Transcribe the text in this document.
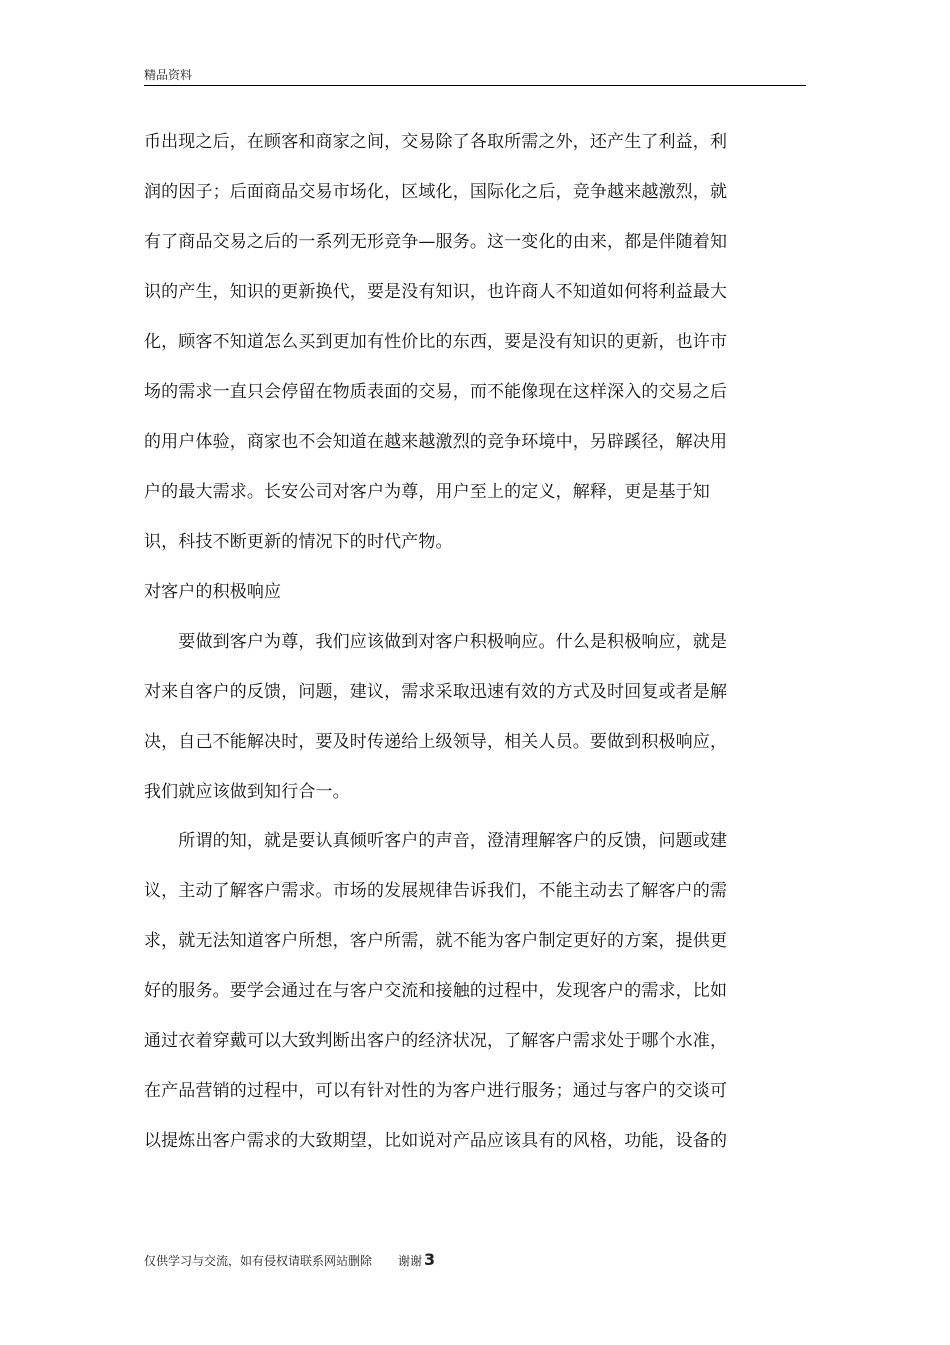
精品资料
币出现之后，在顾客和商家之间，交易除了各取所需之外，还产生了利益，利
润的因子；后面商品交易市场化，区域化，国际化之后，竞争越来越激烈，就
有了商品交易之后的一系列无形竞争—服务。这一变化的由来，都是伴随着知
识的产生，知识的更新换代，要是没有知识，也许商人不知道如何将利益最大
化，顾客不知道怎么买到更加有性价比的东西，要是没有知识的更新，也许市
场的需求一直只会停留在物质表面的交易，而不能像现在这样深入的交易之后
的用户体验，商家也不会知道在越来越激烈的竞争环境中，另辟蹊径，解决用
户的最大需求。长安公司对客户为尊，用户至上的定义，解释，更是基于知
识，科技不断更新的情况下的时代产物。
对客户的积极响应
　　要做到客户为尊，我们应该做到对客户积极响应。什么是积极响应，就是
对来自客户的反馈，问题，建议，需求采取迅速有效的方式及时回复或者是解
决，自己不能解决时，要及时传递给上级领导，相关人员。要做到积极响应，
我们就应该做到知行合一。
　　所谓的知，就是要认真倾听客户的声音，澄清理解客户的反馈，问题或建
议，主动了解客户需求。市场的发展规律告诉我们，不能主动去了解客户的需
求，就无法知道客户所想，客户所需，就不能为客户制定更好的方案，提供更
好的服务。要学会通过在与客户交流和接触的过程中，发现客户的需求，比如
通过衣着穿戴可以大致判断出客户的经济状况，了解客户需求处于哪个水准，
在产品营销的过程中，可以有针对性的为客户进行服务；通过与客户的交谈可
以提炼出客户需求的大致期望，比如说对产品应该具有的风格，功能，设备的
仅供学习与交流，如有侵权请联系网站删除 谢谢 3
